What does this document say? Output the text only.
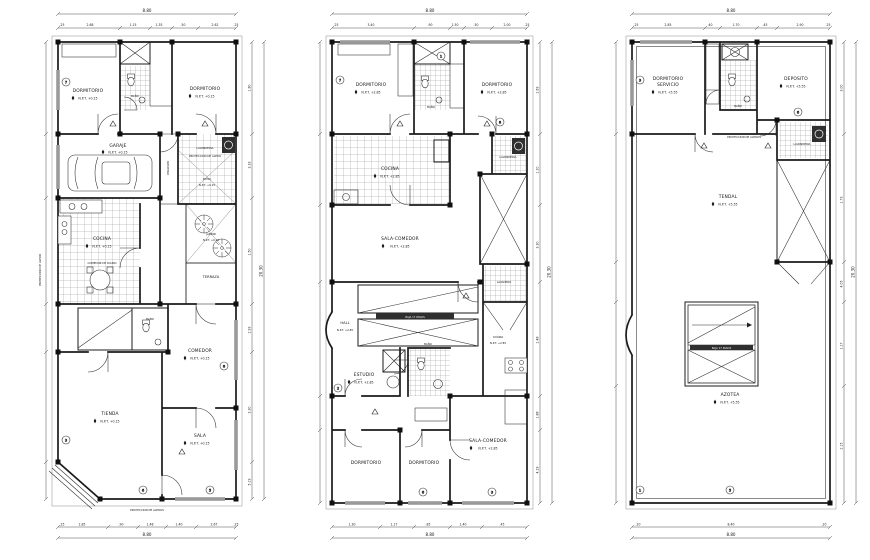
8.80
.25	2.68	1.15	1.35	.50	2.62	.25
.25	1.85	.90	1.48	1.40	2.67	.25
8.80
1.80
3.33
1.50
2.93
3.30
5.19
20.30
PROYECCION DE ALERO
DORMITORIO
N.P.T. +0.15
BAÑO
DORMITORIO
N.P.T. +0.15
GARAJE
N.P.T. +0.15
PASADIZO
LAVANDERIA
PROYECCION DE ALERO
PATIO
N.P.T. +0.15
JARDIN
N.P.T. +0.15
TERRAZA
COCINA
N.P.T. +0.15
COMEDOR DE DIARIO
BAÑO
COMEDOR
N.P.T. +0.15
TIENDA
N.P.T. +0.15
SALA
N.P.T. +0.15
PROYECCION DE ALEROS
7
3
6	5
8
8.80
.25	3.40	.90	1.50	.50	2.00	.25
1.30	1.17	.85	1.40	.45
8.80
2.63
1.20
3.30
2.48
1.88
4.29
20.30
DORMITORIO
N.P.T. +2.85
BAÑO
DORMITORIO
N.P.T. +2.85
COCINA
N.P.T. +2.85
LAVANDERIA
SALA-COMEDOR
N.P.T. +2.85
HALL
N.P.T. +2.85
ESTUDIO
N.P.T. +2.85
BAÑO
LAVADERO
COCINA
N.P.T. +2.85
DORMITORIO	DORMITORIO
SALA-COMEDOR
N.P.T. +2.85
BAJA 17 PASOS
7
1
8
2
6	3
8.80
.25	2.85	.40	1.70	.45	2.90	.25
.20	8.40	.20
8.80
3.00
1.73
4.05
1.17
2.15
20.30
DORMITORIO
SERVICIO
N.P.T. +5.55
BAÑO
DEPOSITO
N.P.T. +5.55
LAVANDERIA
PROYECCION DE ALEROS
TENDAL
N.P.T. +5.55
AZOTEA
N.P.T. +5.55
BAJA 17 PASOS
3
6
1	5
